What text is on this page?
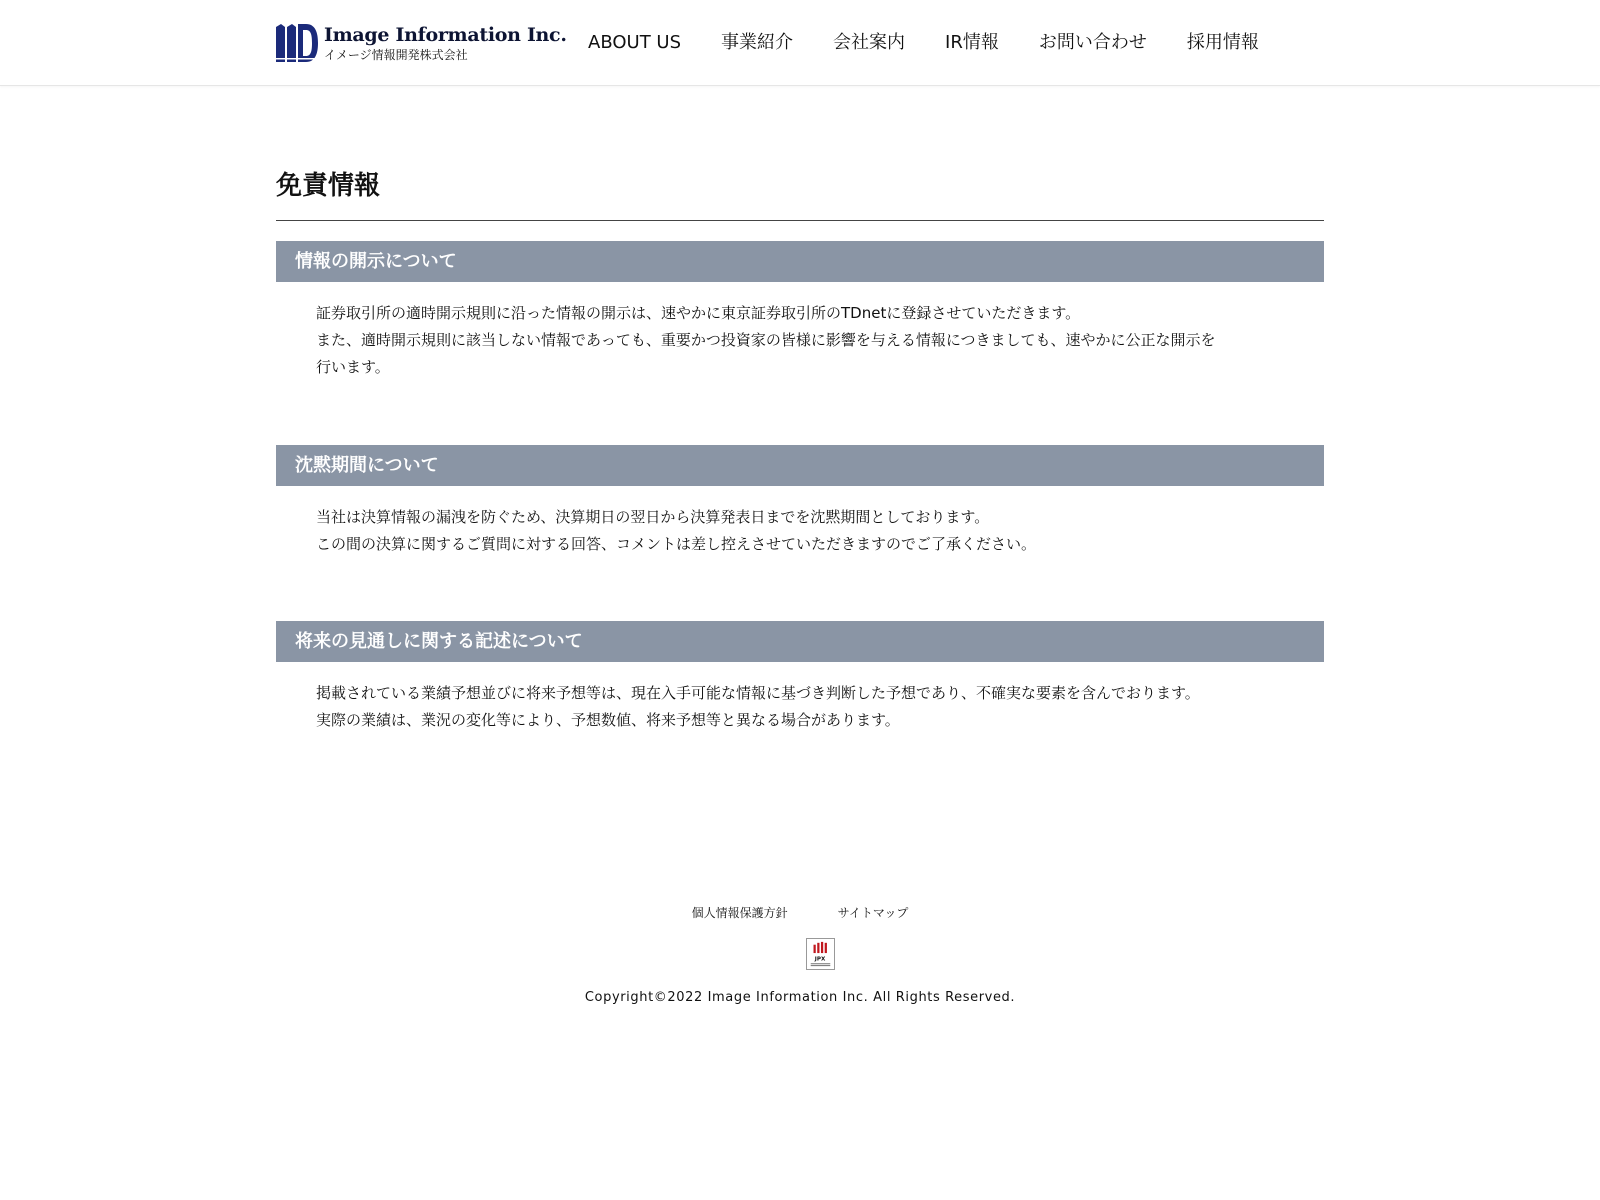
Image Information Inc.
イメージ情報開発株式会社
ABOUT US 事業紹介 会社案内 IR情報 お問い合わせ 採用情報
免責情報
情報の開示について

証券取引所の適時開示規則に沿った情報の開示は、速やかに東京証券取引所のTDnetに登録させていただきます。

また、適時開示規則に該当しない情報であっても、重要かつ投資家の皆様に影響を与える情報につきましても、速やかに公正な開示を

行います。

沈黙期間について

当社は決算情報の漏洩を防ぐため、決算期日の翌日から決算発表日までを沈黙期間としております。

この間の決算に関するご質問に対する回答、コメントは差し控えさせていただきますのでご了承ください。

将来の見通しに関する記述について

掲載されている業績予想並びに将来予想等は、現在入手可能な情報に基づき判断した予想であり、不確実な要素を含んでおります。

実際の業績は、業況の変化等により、予想数値、将来予想等と異なる場合があります。

個人情報保護方針	サイトマップ
JPX
Copyright©2022 Image Information Inc. All Rights Reserved.
